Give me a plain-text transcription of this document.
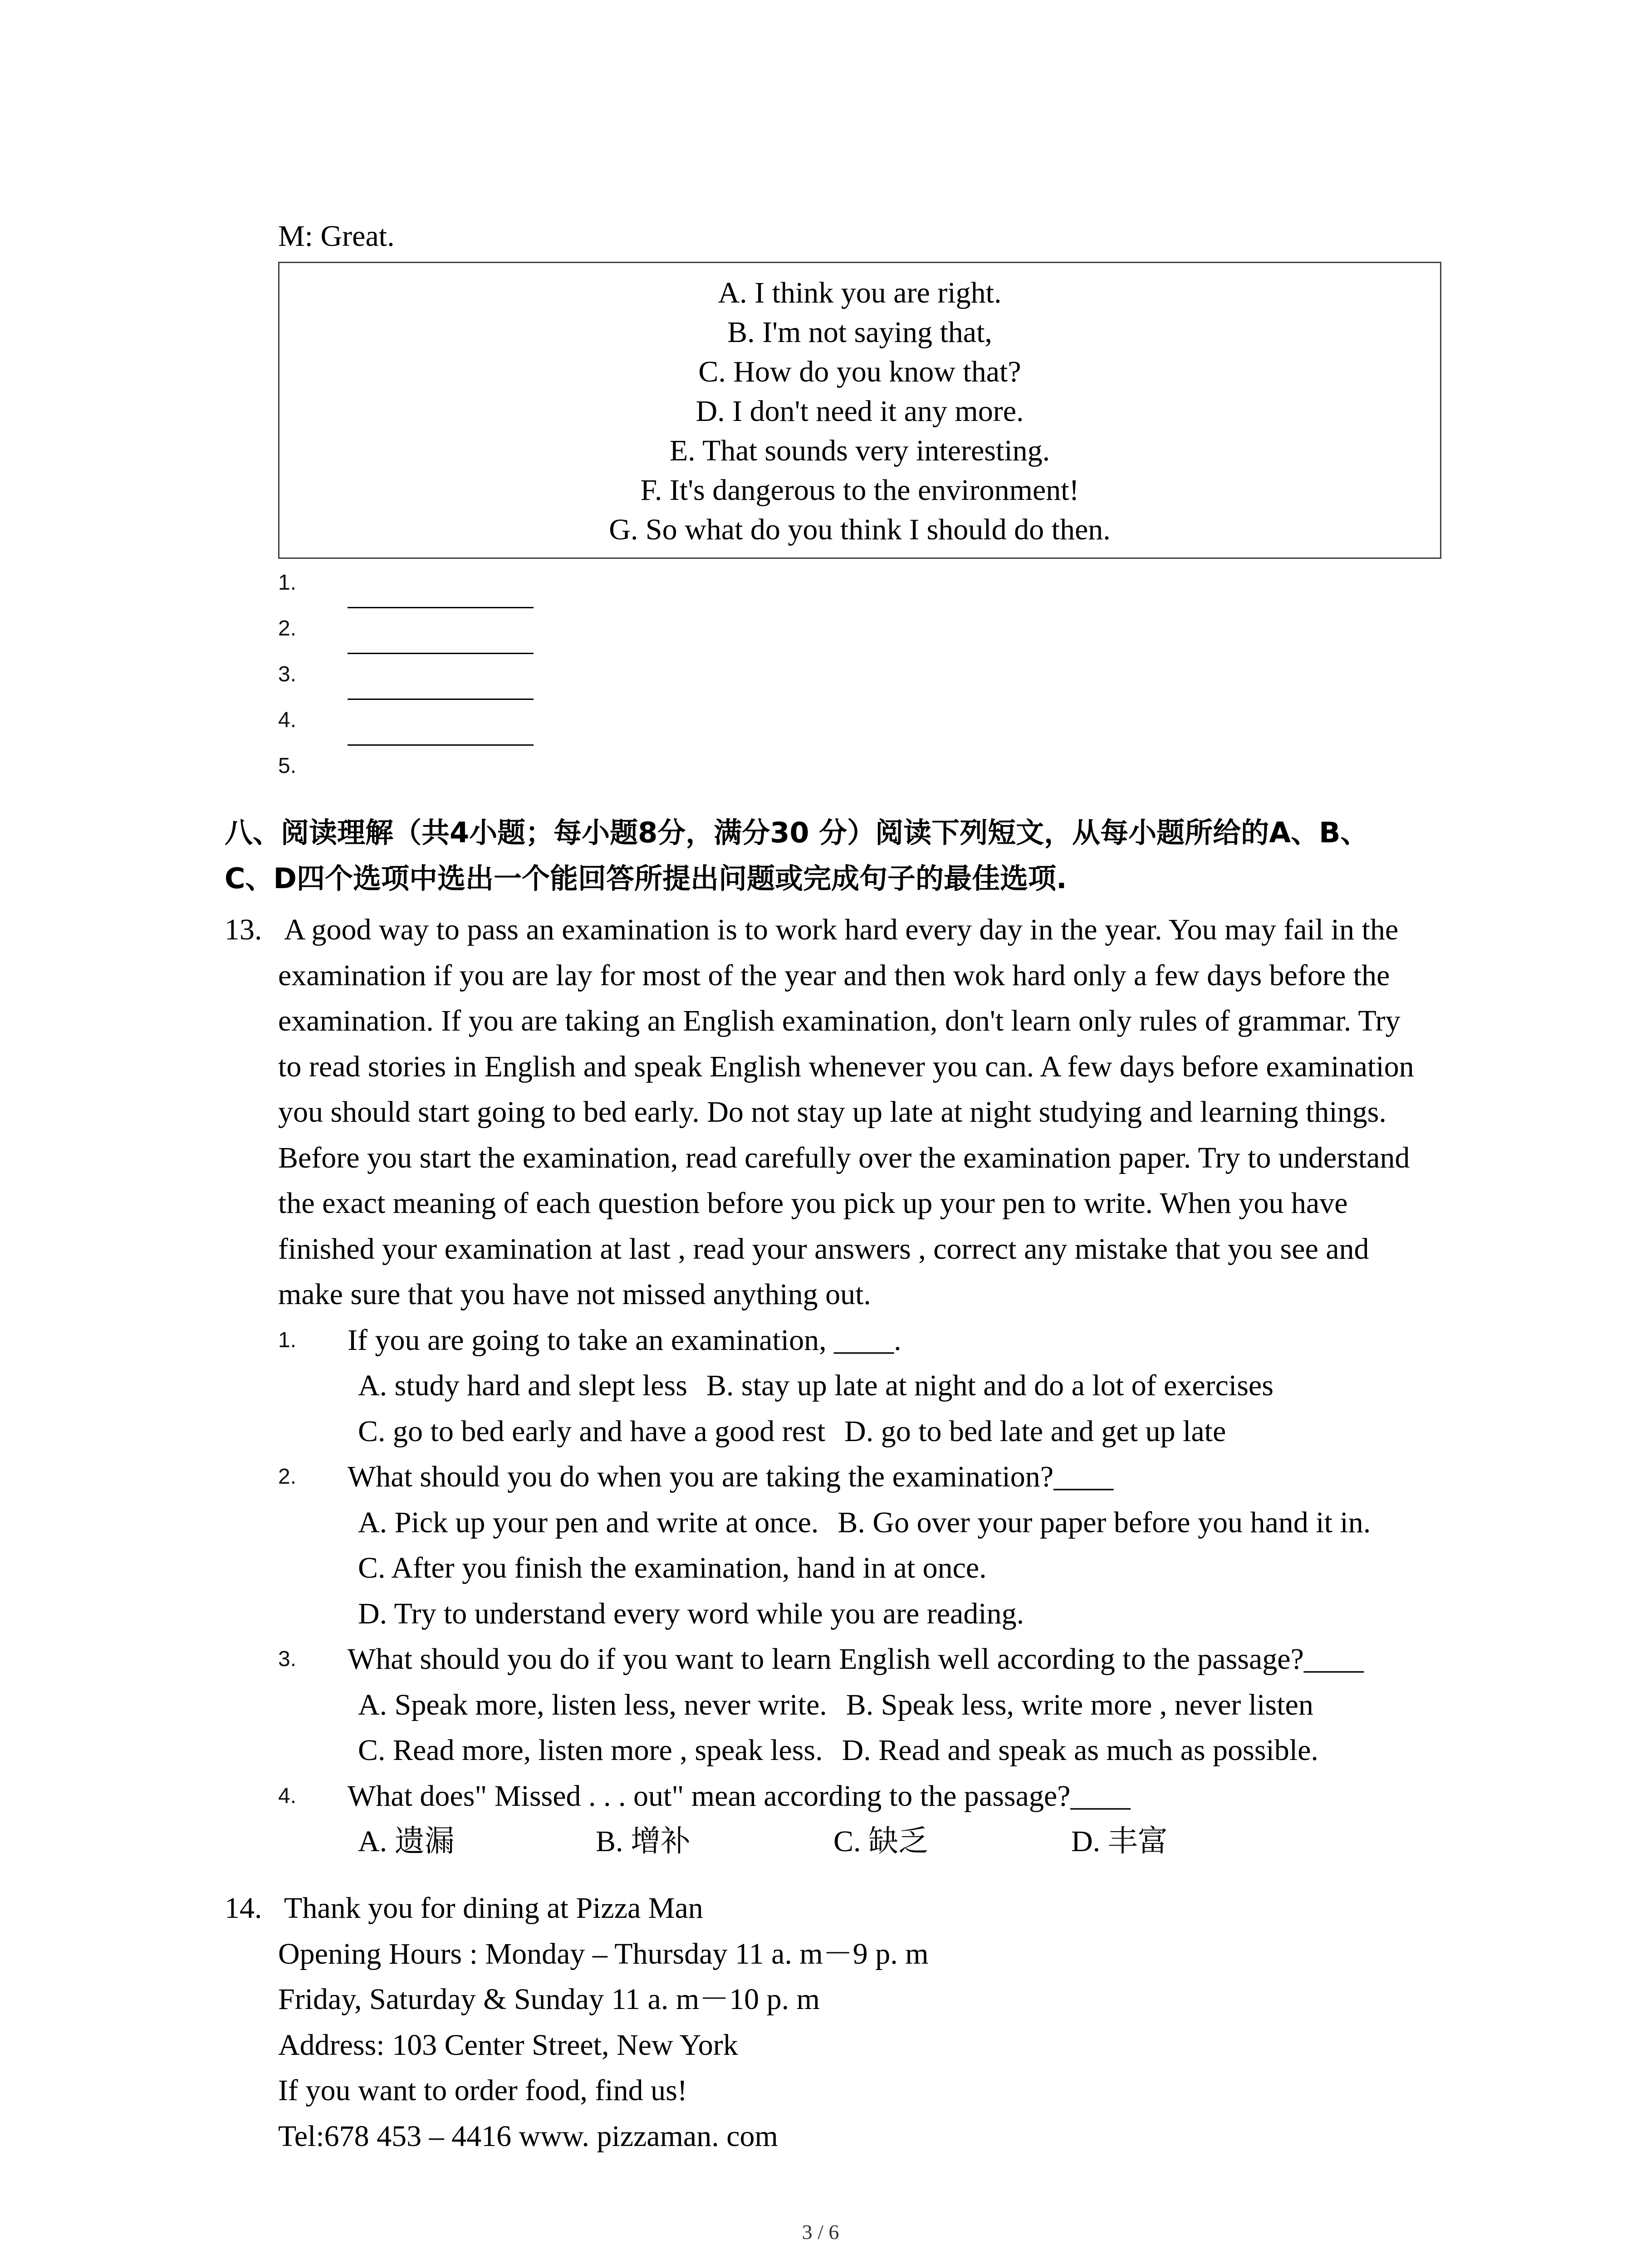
M: Great.
A. I think you are right.
B. I'm not saying that,
C. How do you know that?
D. I don't need it any more.
E. That sounds very interesting.
F. It's dangerous to the environment!
G. So what do you think I should do then.
1.
2.
3.
4.
5.
八、阅读理解（共4小题；每小题8分，满分30 分）阅读下列短文，从每小题所给的A、B、
C、D四个选项中选出一个能回答所提出问题或完成句子的最佳选项.
13. A good way to pass an examination is to work hard every day in the year. You may fail in the
examination if you are lay for most of the year and then wok hard only a few days before the
examination. If you are taking an English examination, don't learn only rules of grammar. Try
to read stories in English and speak English whenever you can. A few days before examination
you should start going to bed early. Do not stay up late at night studying and learning things.
Before you start the examination, read carefully over the examination paper. Try to understand
the exact meaning of each question before you pick up your pen to write. When you have
finished your examination at last , read your answers , correct any mistake that you see and
make sure that you have not missed anything out.
1. If you are going to take an examination, ____.
A. study hard and slept less B. stay up late at night and do a lot of exercises
C. go to bed early and have a good rest D. go to bed late and get up late
2. What should you do when you are taking the examination?____
A. Pick up your pen and write at once. B. Go over your paper before you hand it in.
C. After you finish the examination, hand in at once.
D. Try to understand every word while you are reading.
3. What should you do if you want to learn English well according to the passage?____
A. Speak more, listen less, never write. B. Speak less, write more , never listen
C. Read more, listen more , speak less. D. Read and speak as much as possible.
4. What does" Missed . . . out" mean according to the passage?____
A. 遗漏	B. 增补	C. 缺乏	D. 丰富
14. Thank you for dining at Pizza Man
Opening Hours : Monday – Thursday 11 a. m－9 p. m
Friday, Saturday & Sunday 11 a. m－10 p. m
Address: 103 Center Street, New York
If you want to order food, find us!
Tel:678 453 – 4416 www. pizzaman. com
3 / 6
